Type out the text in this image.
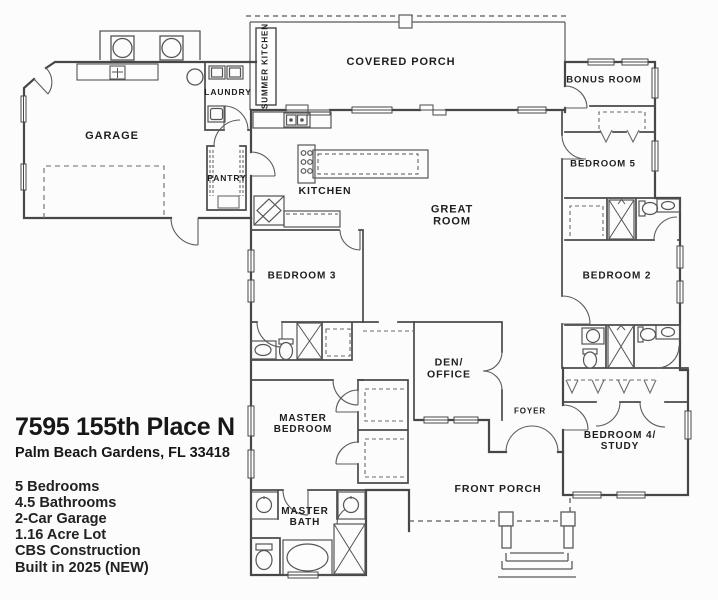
GARAGE
LAUNDRY SUMMER KITCHEN	COVERED PORCH
BONUS ROOM
BEDROOM 5
PANTRY
KITCHEN
GREAT
ROOM
BEDROOM 3	BEDROOM 2
DEN/
OFFICE
FOYER
MASTER
BEDROOM
BEDROOM 4/
STUDY
MASTER
BATH
FRONT PORCH
7595 155th Place N
Palm Beach Gardens, FL 33418
5 Bedrooms
4.5 Bathrooms
2-Car Garage
1.16 Acre Lot
CBS Construction
Built in 2025 (NEW)
